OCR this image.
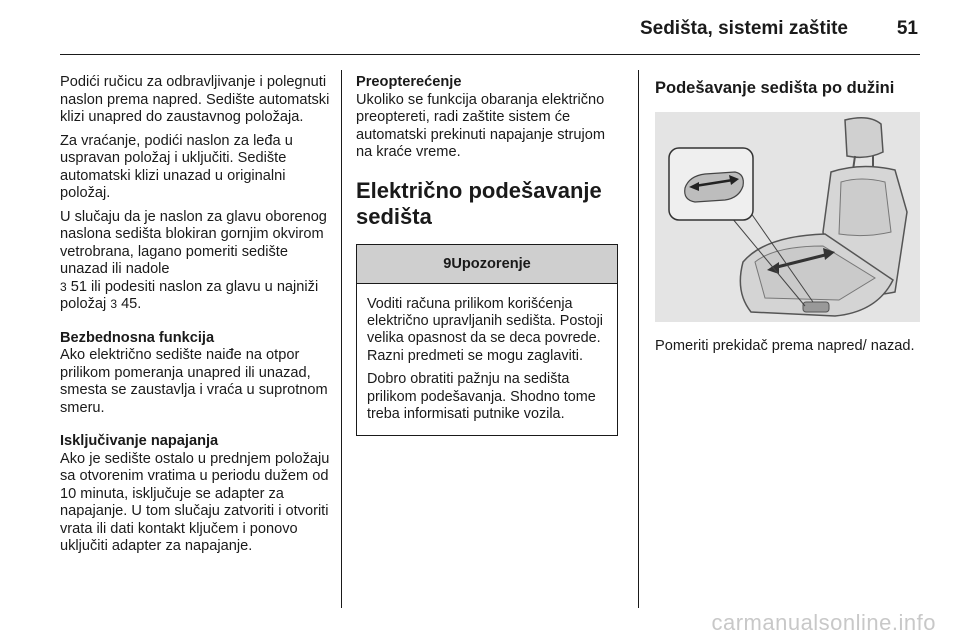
Sedišta, sistemi zaštite	51

Podići ručicu za odbravljivanje i polegnuti naslon prema napred. Sedište automatski klizi unapred do zaustavnog položaja.

Za vraćanje, podići naslon za leđa u uspravan položaj i uključiti. Sedište automatski klizi unazad u originalni položaj.

U slučaju da je naslon za glavu oborenog naslona sedišta blokiran gornjim okvirom vetrobrana, lagano pomeriti sedište unazad ili nadole
3 51 ili podesiti naslon za glavu u najniži položaj 3 45.

Bezbednosna funkcija

Ako električno sedište naiđe na otpor prilikom pomeranja unapred ili unazad, smesta se zaustavlja i vraća u suprotnom smeru.

Isključivanje napajanja

Ako je sedište ostalo u prednjem položaju sa otvorenim vratima u periodu dužem od 10 minuta, isključuje se adapter za napajanje. U tom slučaju zatvoriti i otvoriti vrata ili dati kontakt ključem i ponovo uključiti adapter za napajanje.

Preopterećenje

Ukoliko se funkcija obaranja električno preoptereti, radi zaštite sistem će automatski prekinuti napajanje strujom na kraće vreme.

Električno podešavanje sedišta
9Upozorenje

Voditi računa prilikom korišćenja električno upravljanih sedišta. Postoji velika opasnost da se deca povrede. Razni predmeti se mogu zaglaviti.

Dobro obratiti pažnju na sedišta prilikom podešavanja. Shodno tome treba informisati putnike vozila.

Podešavanje sedišta po dužini

Pomeriti prekidač prema napred/ nazad.

carmanualsonline.info
